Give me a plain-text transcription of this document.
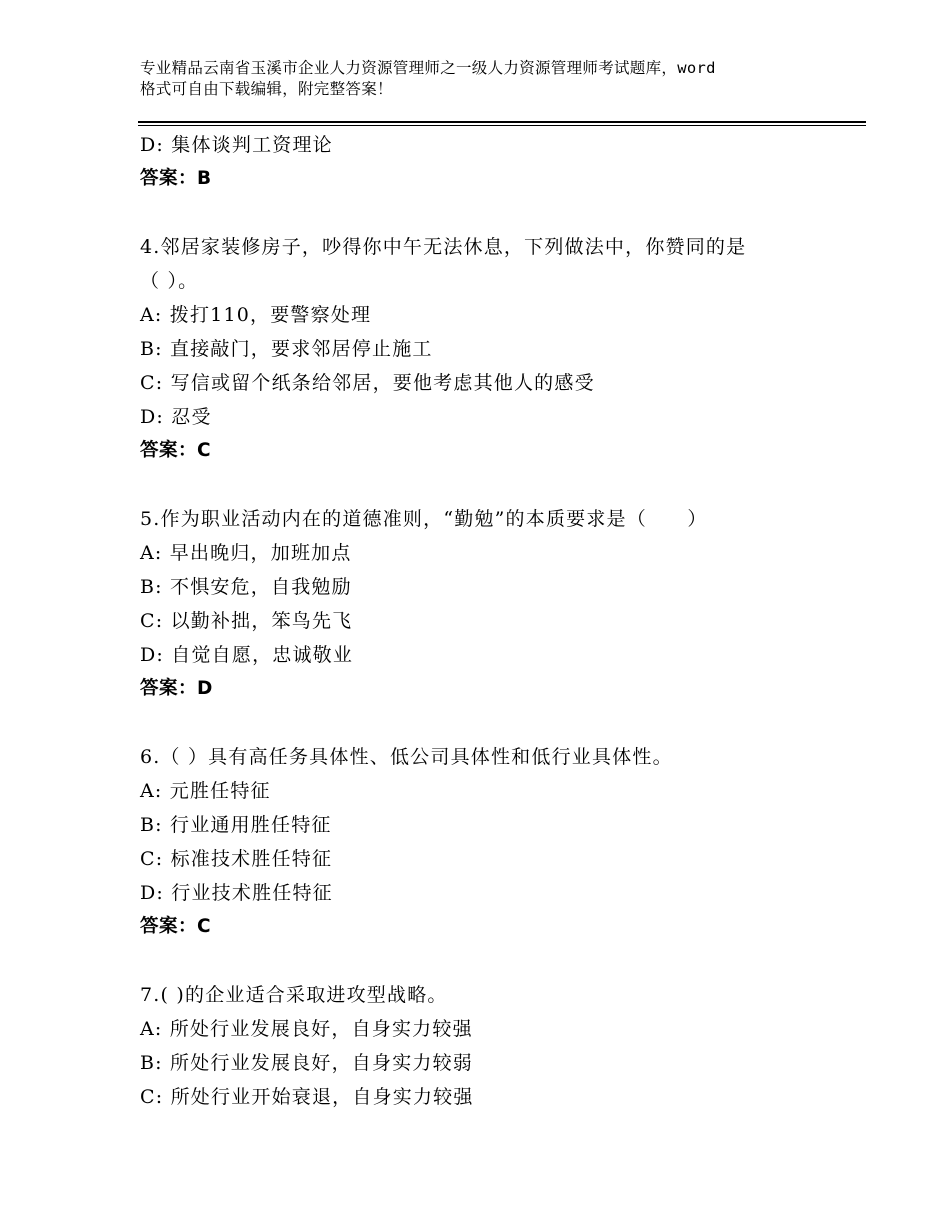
专业精品云南省玉溪市企业人力资源管理师之一级人力资源管理师考试题库，word
格式可自由下载编辑，附完整答案！
D: 集体谈判工资理论
答案：B
4.邻居家装修房子，吵得你中午无法休息，下列做法中，你赞同的是
（ ）。
A: 拨打110，要警察处理
B: 直接敲门，要求邻居停止施工
C: 写信或留个纸条给邻居，要他考虑其他人的感受
D: 忍受
答案：C
5.作为职业活动内在的道德准则，“勤勉”的本质要求是（　　）
A: 早出晚归，加班加点
B: 不惧安危，自我勉励
C: 以勤补拙，笨鸟先飞
D: 自觉自愿，忠诚敬业
答案：D
6.（ ）具有高任务具体性、低公司具体性和低行业具体性。
A: 元胜任特征
B: 行业通用胜任特征
C: 标准技术胜任特征
D: 行业技术胜任特征
答案：C
7.( )的企业适合采取进攻型战略。
A: 所处行业发展良好，自身实力较强
B: 所处行业发展良好，自身实力较弱
C: 所处行业开始衰退，自身实力较强
